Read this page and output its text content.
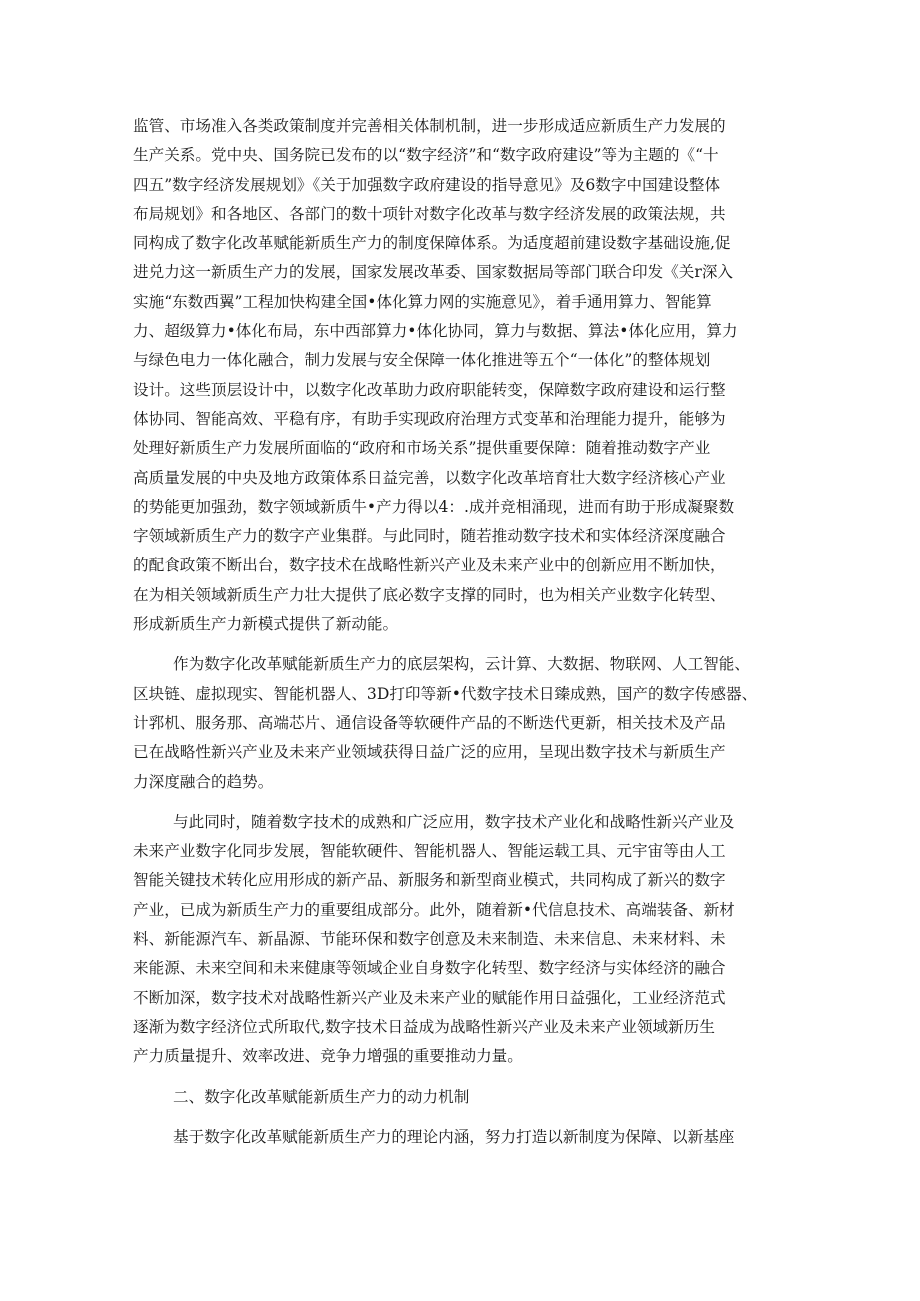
监管、市场准入各类政策制度并完善相关体制机制，进一步形成适应新质生产力发展的
生产关系。党中央、国务院已发布的以“数字经济”和“数字政府建设”等为主题的《“十
四五”数字经济发展规划》《关于加强数字政府建设的指导意见》及6数字中国建设整体
布局规划》和各地区、各部门的数十项针对数字化改革与数字经济发展的政策法规，共
同构成了数字化改革赋能新质生产力的制度保障体系。为适度超前建设数字基础设施,促
进兑力这一新质生产力的发展，国家发展改革委、国家数据局等部门联合印发《关r深入
实施“东数西翼”工程加快构建全国•体化算力网的实施意见》，着手通用算力、智能算
力、超级算力•体化布局，东中西部算力•体化协同，算力与数据、算法•体化应用，算力
与绿色电力一体化融合，制力发展与安全保障一体化推进等五个“一体化”的整体规划
设计。这些顶层设计中，以数字化改革助力政府职能转变，保障数字政府建设和运行整
体协同、智能高效、平稳有序，有助手实现政府治理方式变革和治理能力提升，能够为
处理好新质生产力发展所面临的“政府和市场关系”提供重要保障：随着推动数字产业
高质量发展的中央及地方政策体系日益完善，以数字化改革培育壮大数字经济核心产业
的势能更加强劲，数字领域新质牛•产力得以4：.成并竞相涌现，进而有助于形成凝聚数
字领域新质生产力的数字产业集群。与此同时，随若推动数字技术和实体经济深度融合
的配食政策不断出台，数字技术在战略性新兴产业及未来产业中的创新应用不断加快，
在为相关领域新质生产力壮大提供了底必数字支撑的同时，也为相关产业数字化转型、
形成新质生产力新模式提供了新动能。
作为数字化改革赋能新质生产力的底层架构，云计算、大数据、物联网、人工智能、
区块链、虚拟现实、智能机器人、3D打印等新•代数字技术日臻成熟，国产的数字传感器、
计郛机、服务那、高端芯片、通信设备等软硬件产品的不断迭代更新，相关技术及产品
已在战略性新兴产业及未来产业领域获得日益广泛的应用，呈现出数字技术与新质生产
力深度融合的趋势。
与此同时，随着数字技术的成熟和广泛应用，数字技术产业化和战略性新兴产业及
未来产业数字化同步发展，智能软硬件、智能机器人、智能运载工具、元宇宙等由人工
智能关键技术转化应用形成的新产品、新服务和新型商业模式，共同构成了新兴的数字
产业，已成为新质生产力的重要组成部分。此外，随着新•代信息技术、高端装备、新材
料、新能源汽车、新晶源、节能环保和数字创意及未来制造、未来信息、未来材料、未
来能源、未来空间和未来健康等领域企业自身数字化转型、数字经济与实体经济的融合
不断加深，数字技术对战略性新兴产业及未来产业的赋能作用日益强化，工业经济范式
逐渐为数字经济位式所取代,数字技术日益成为战略性新兴产业及未来产业领域新历生
产力质量提升、效率改进、竞争力增强的重要推动力量。
二、数字化改革赋能新质生产力的动力机制
基于数字化改革赋能新质生产力的理论内涵，努力打造以新制度为保障、以新基座
